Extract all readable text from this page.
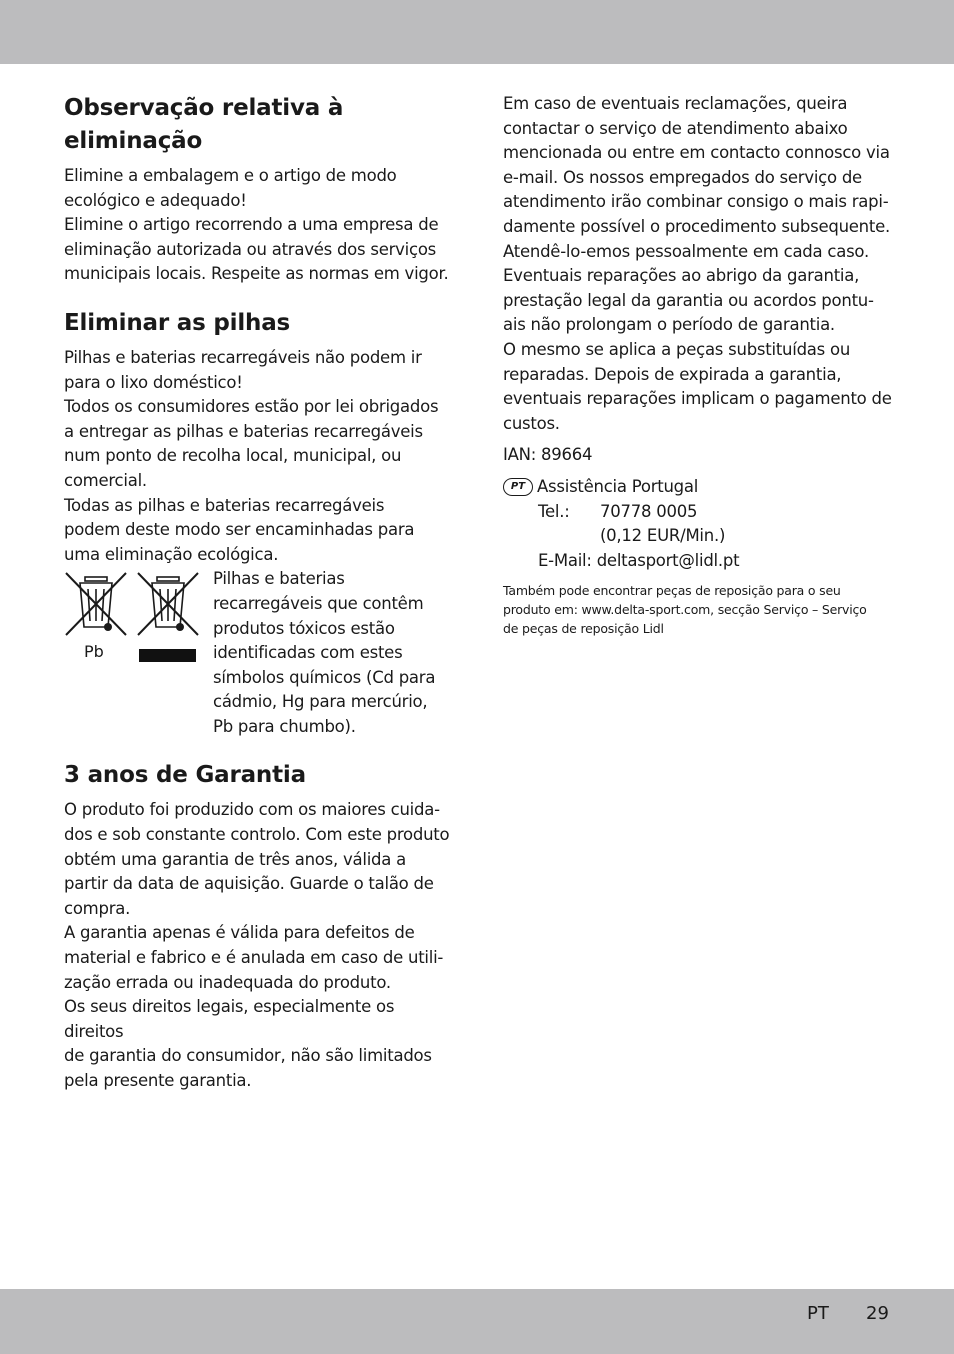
Observação relativa à eliminação

Elimine a embalagem e o artigo de modo

ecológico e adequado!

Elimine o artigo recorrendo a uma empresa de

eliminação autorizada ou através dos serviços

municipais locais. Respeite as normas em vigor.

Eliminar as pilhas

Pilhas e baterias recarregáveis não podem ir

para o lixo doméstico!

Todos os consumidores estão por lei obrigados

a entregar as pilhas e baterias recarregáveis

num ponto de recolha local, municipal, ou

comercial.

Todas as pilhas e baterias recarregáveis

podem deste modo ser encaminhadas para

uma eliminação ecológica.

Pb

Pilhas e baterias

recarregáveis que contêm

produtos tóxicos estão

identificadas com estes

símbolos químicos (Cd para

cádmio, Hg para mercúrio,

Pb para chumbo).

3 anos de Garantia

O produto foi produzido com os maiores cuida-

dos e sob constante controlo. Com este produto

obtém uma garantia de três anos, válida a

partir da data de aquisição. Guarde o talão de

compra.

A garantia apenas é válida para defeitos de

material e fabrico e é anulada em caso de utili-

zação errada ou inadequada do produto.

Os seus direitos legais, especialmente os direitos

de garantia do consumidor, não são limitados

pela presente garantia.

Em caso de eventuais reclamações, queira

contactar o serviço de atendimento abaixo

mencionada ou entre em contacto connosco via

e-mail. Os nossos empregados do serviço de

atendimento irão combinar consigo o mais rapi-

damente possível o procedimento subsequente.

Atendê-lo-emos pessoalmente em cada caso.

Eventuais reparações ao abrigo da garantia,

prestação legal da garantia ou acordos pontu-

ais não prolongam o período de garantia.

O mesmo se aplica a peças substituídas ou

reparadas. Depois de expirada a garantia,

eventuais reparações implicam o pagamento de

custos.

IAN: 89664

PT Assistência Portugal
Tel.:	70778 0005

(0,12 EUR/Min.)

E-Mail: deltasport@lidl.pt

Também pode encontrar peças de reposição para o seu

produto em: www.delta-sport.com, secção Serviço – Serviço

de peças de reposição Lidl

PT 29
